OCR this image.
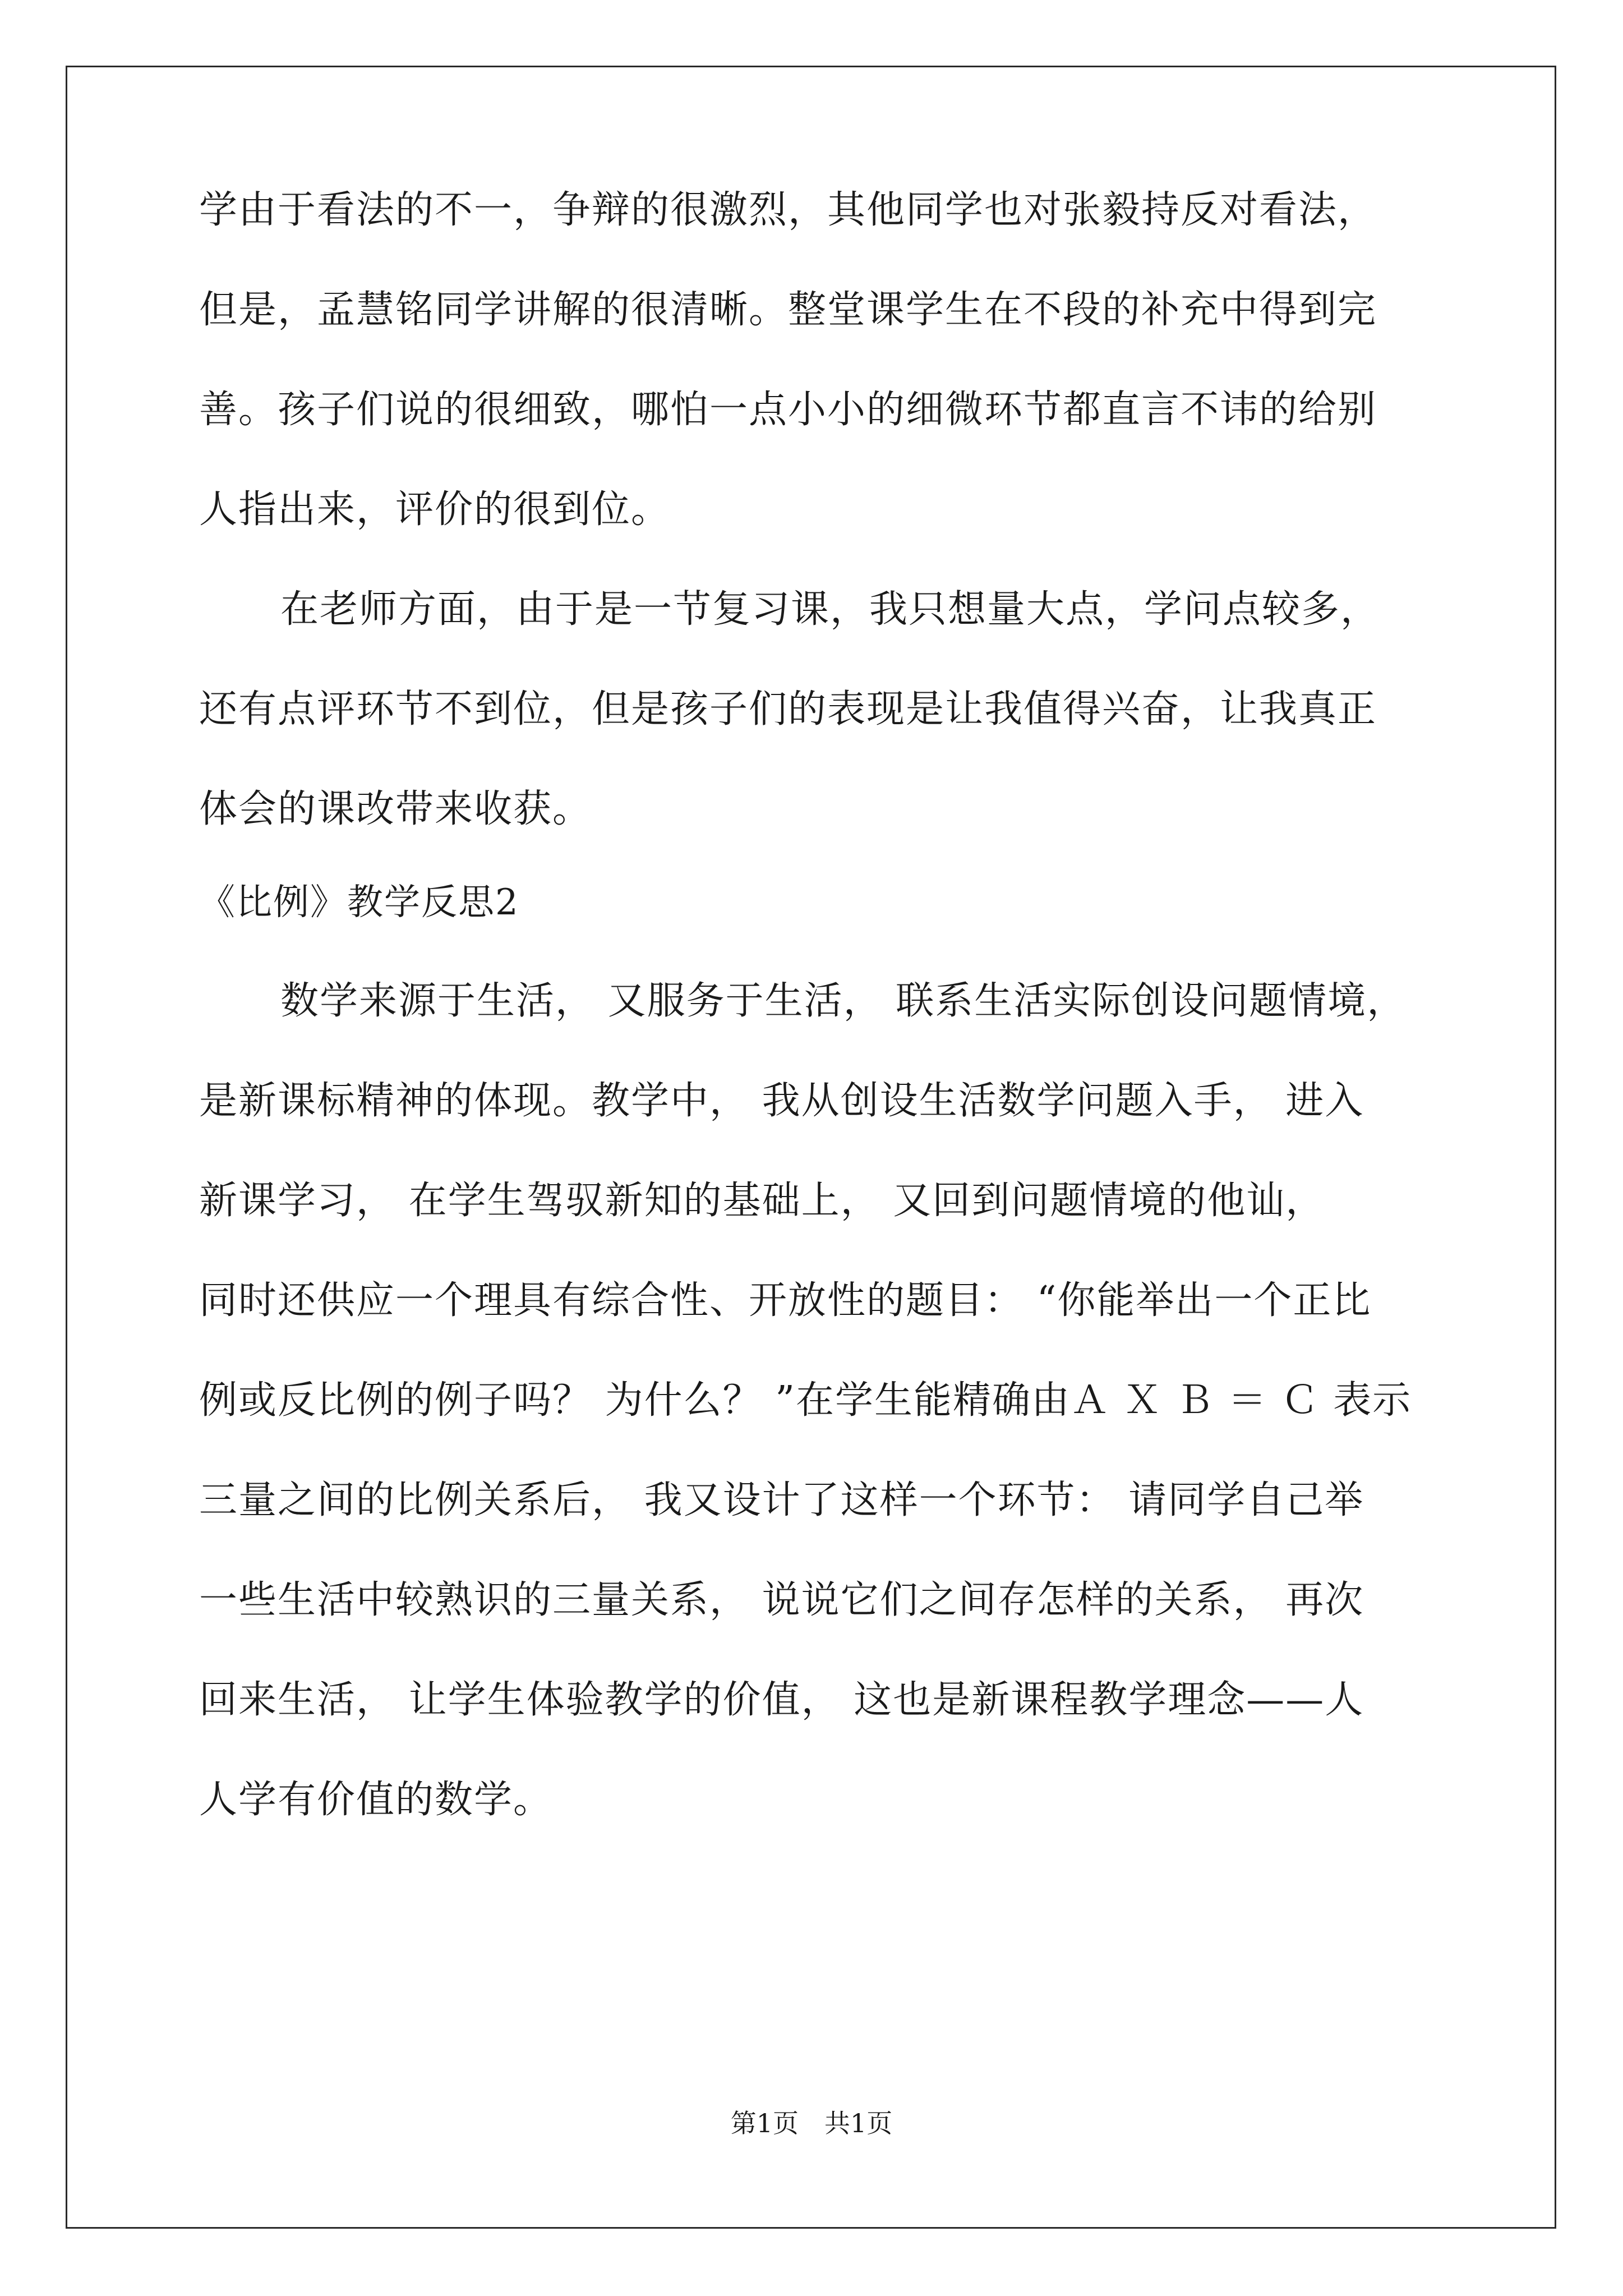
学由于看法的不一，争辩的很激烈，其他同学也对张毅持反对看法，
但是，孟慧铭同学讲解的很清晰。整堂课学生在不段的补充中得到完
善。孩子们说的很细致，哪怕一点小小的细微环节都直言不讳的给别
人指出来，评价的很到位。
在老师方面，由于是一节复习课，我只想量大点，学问点较多，
还有点评环节不到位，但是孩子们的表现是让我值得兴奋，让我真正
体会的课改带来收获。
《比例》教学反思2
数学来源于生活， 又服务于生活， 联系生活实际创设问题情境，
是新课标精神的体现。教学中， 我从创设生活数学问题入手， 进入
新课学习， 在学生驾驭新知的基础上， 又回到问题情境的他讪，
同时还供应一个理具有综合性、开放性的题目： “你能举出一个正比
例或反比例的例子吗？ 为什么？ ”在学生能精确由Ａ Ｘ Ｂ ＝ Ｃ 表示
三量之间的比例关系后， 我又设计了这样一个环节： 请同学自己举
一些生活中较熟识的三量关系， 说说它们之间存怎样的关系， 再次
回来生活， 让学生体验教学的价值， 这也是新课程教学理念——人
人学有价值的数学。
第1页　共1页
